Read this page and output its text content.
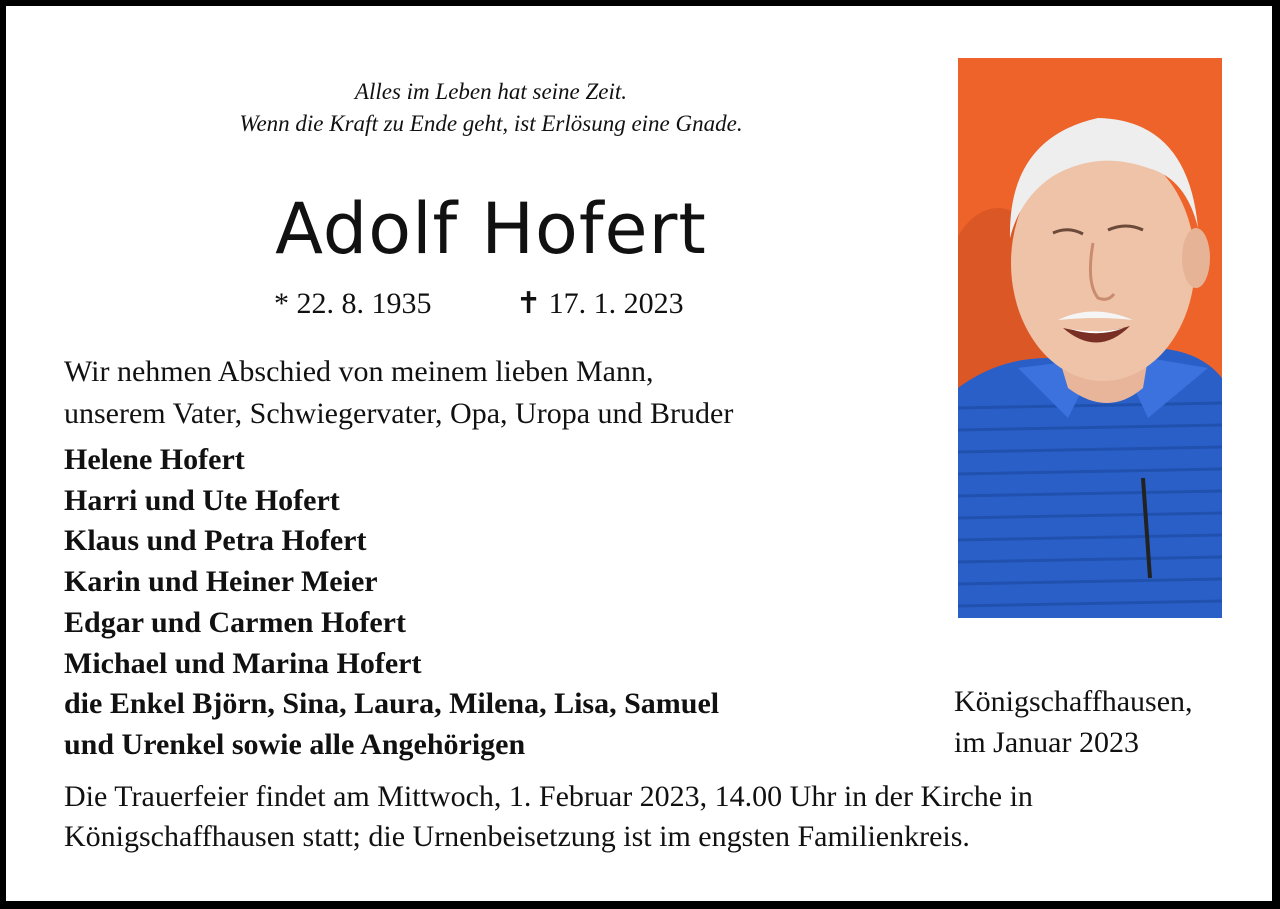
Alles im Leben hat seine Zeit.
Wenn die Kraft zu Ende geht, ist Erlösung eine Gnade.
Adolf Hofert
* 22. 8. 1935	✝ 17. 1. 2023
Wir nehmen Abschied von meinem lieben Mann,
unserem Vater, Schwiegervater, Opa, Uropa und Bruder
Helene Hofert
Harri und Ute Hofert
Klaus und Petra Hofert
Karin und Heiner Meier
Edgar und Carmen Hofert
Michael und Marina Hofert
die Enkel Björn, Sina, Laura, Milena, Lisa, Samuel
und Urenkel sowie alle Angehörigen
Königschaffhausen,
im Januar 2023
Die Trauerfeier findet am Mittwoch, 1. Februar 2023, 14.00 Uhr in der Kirche in
Königschaffhausen statt; die Urnenbeisetzung ist im engsten Familienkreis.
